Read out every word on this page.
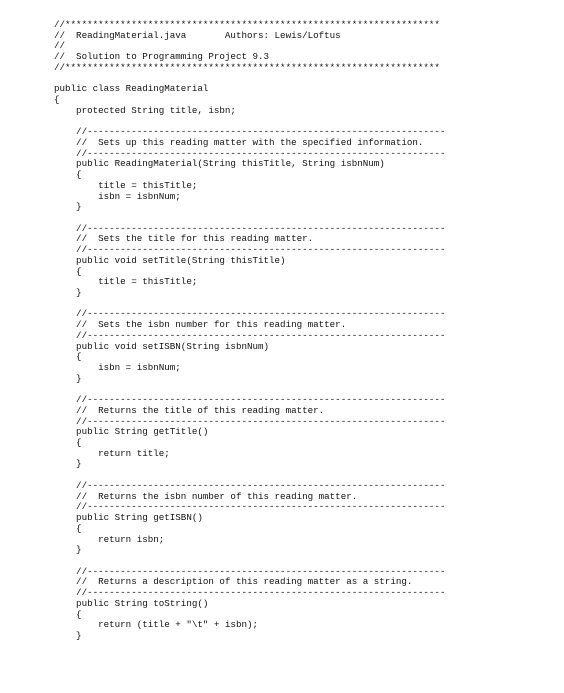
//********************************************************************
//  ReadingMaterial.java       Authors: Lewis/Loftus
//
//  Solution to Programming Project 9.3
//********************************************************************
public class ReadingMaterial
{
protected String title, isbn;
//-----------------------------------------------------------------
//  Sets up this reading matter with the specified information.
//-----------------------------------------------------------------
public ReadingMaterial(String thisTitle, String isbnNum)
{
title = thisTitle;
isbn = isbnNum;
}
//-----------------------------------------------------------------
//  Sets the title for this reading matter.
//-----------------------------------------------------------------
public void setTitle(String thisTitle)
{
title = thisTitle;
}
//-----------------------------------------------------------------
//  Sets the isbn number for this reading matter.
//-----------------------------------------------------------------
public void setISBN(String isbnNum)
{
isbn = isbnNum;
}
//-----------------------------------------------------------------
//  Returns the title of this reading matter.
//-----------------------------------------------------------------
public String getTitle()
{
return title;
}
//-----------------------------------------------------------------
//  Returns the isbn number of this reading matter.
//-----------------------------------------------------------------
public String getISBN()
{
return isbn;
}
//-----------------------------------------------------------------
//  Returns a description of this reading matter as a string.
//-----------------------------------------------------------------
public String toString()
{
return (title + "\t" + isbn);
}
